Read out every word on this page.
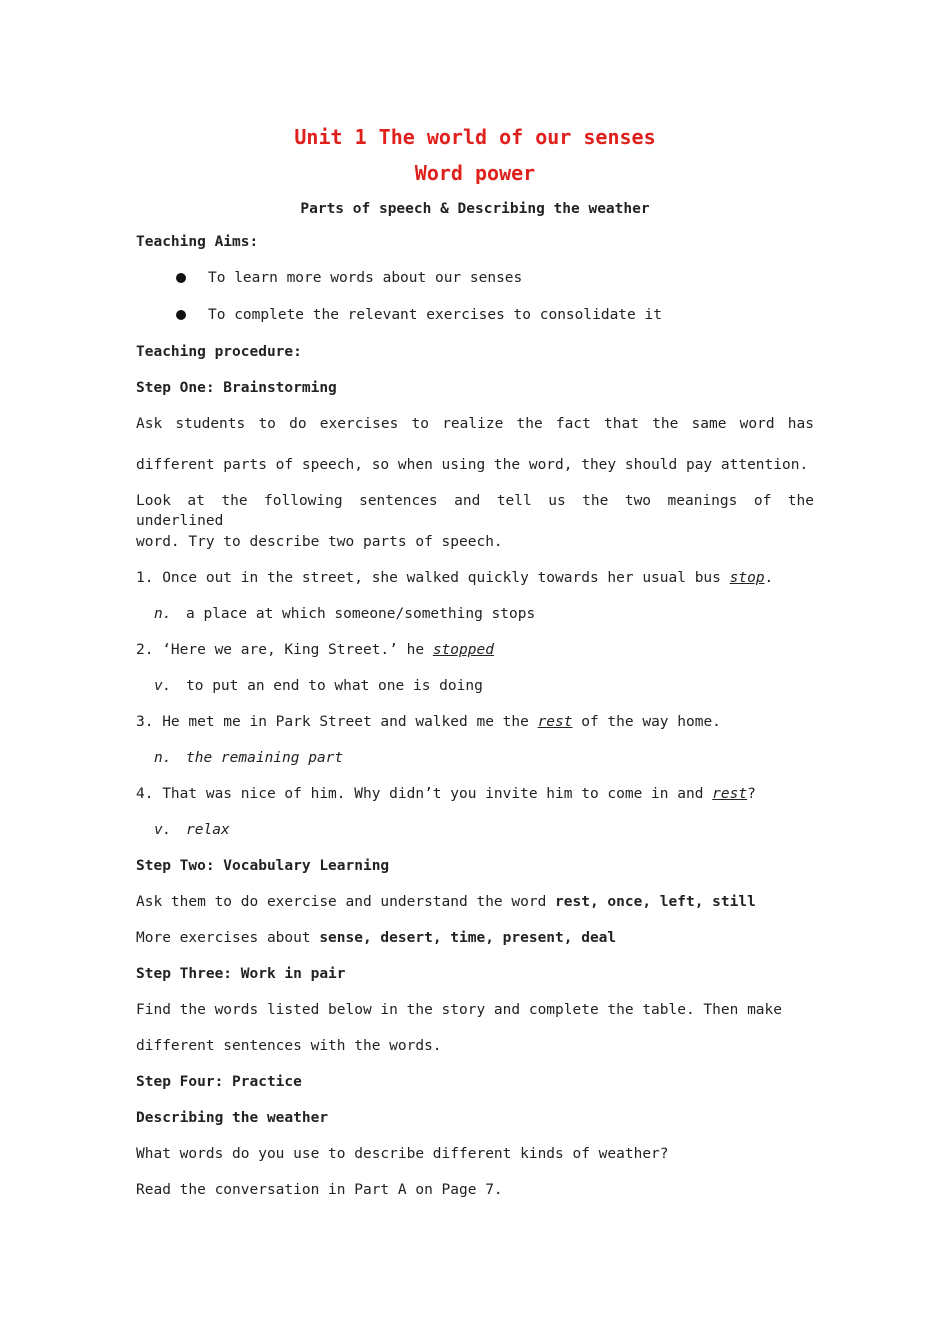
Unit 1 The world of our senses
Word power
Parts of speech & Describing the weather
Teaching Aims:
To learn more words about our senses
To complete the relevant exercises to consolidate it
Teaching procedure:
Step One: Brainstorming
Ask students to do exercises to realize the fact that the same word has
different parts of speech, so when using the word, they should pay attention.
Look at the following sentences and tell us the two meanings of the underlined
word. Try to describe two parts of speech.
1. Once out in the street, she walked quickly towards her usual bus stop.
n. a place at which someone/something stops
2. ‘Here we are, King Street.’ he stopped
v. to put an end to what one is doing
3. He met me in Park Street and walked me the rest of the way home.
n. the remaining part
4. That was nice of him. Why didn’t you invite him to come in and rest?
v. relax
Step Two: Vocabulary Learning
Ask them to do exercise and understand the word rest, once, left, still
More exercises about sense, desert, time, present, deal
Step Three: Work in pair
Find the words listed below in the story and complete the table. Then make
different sentences with the words.
Step Four: Practice
Describing the weather
What words do you use to describe different kinds of weather?
Read the conversation in Part A on Page 7.
